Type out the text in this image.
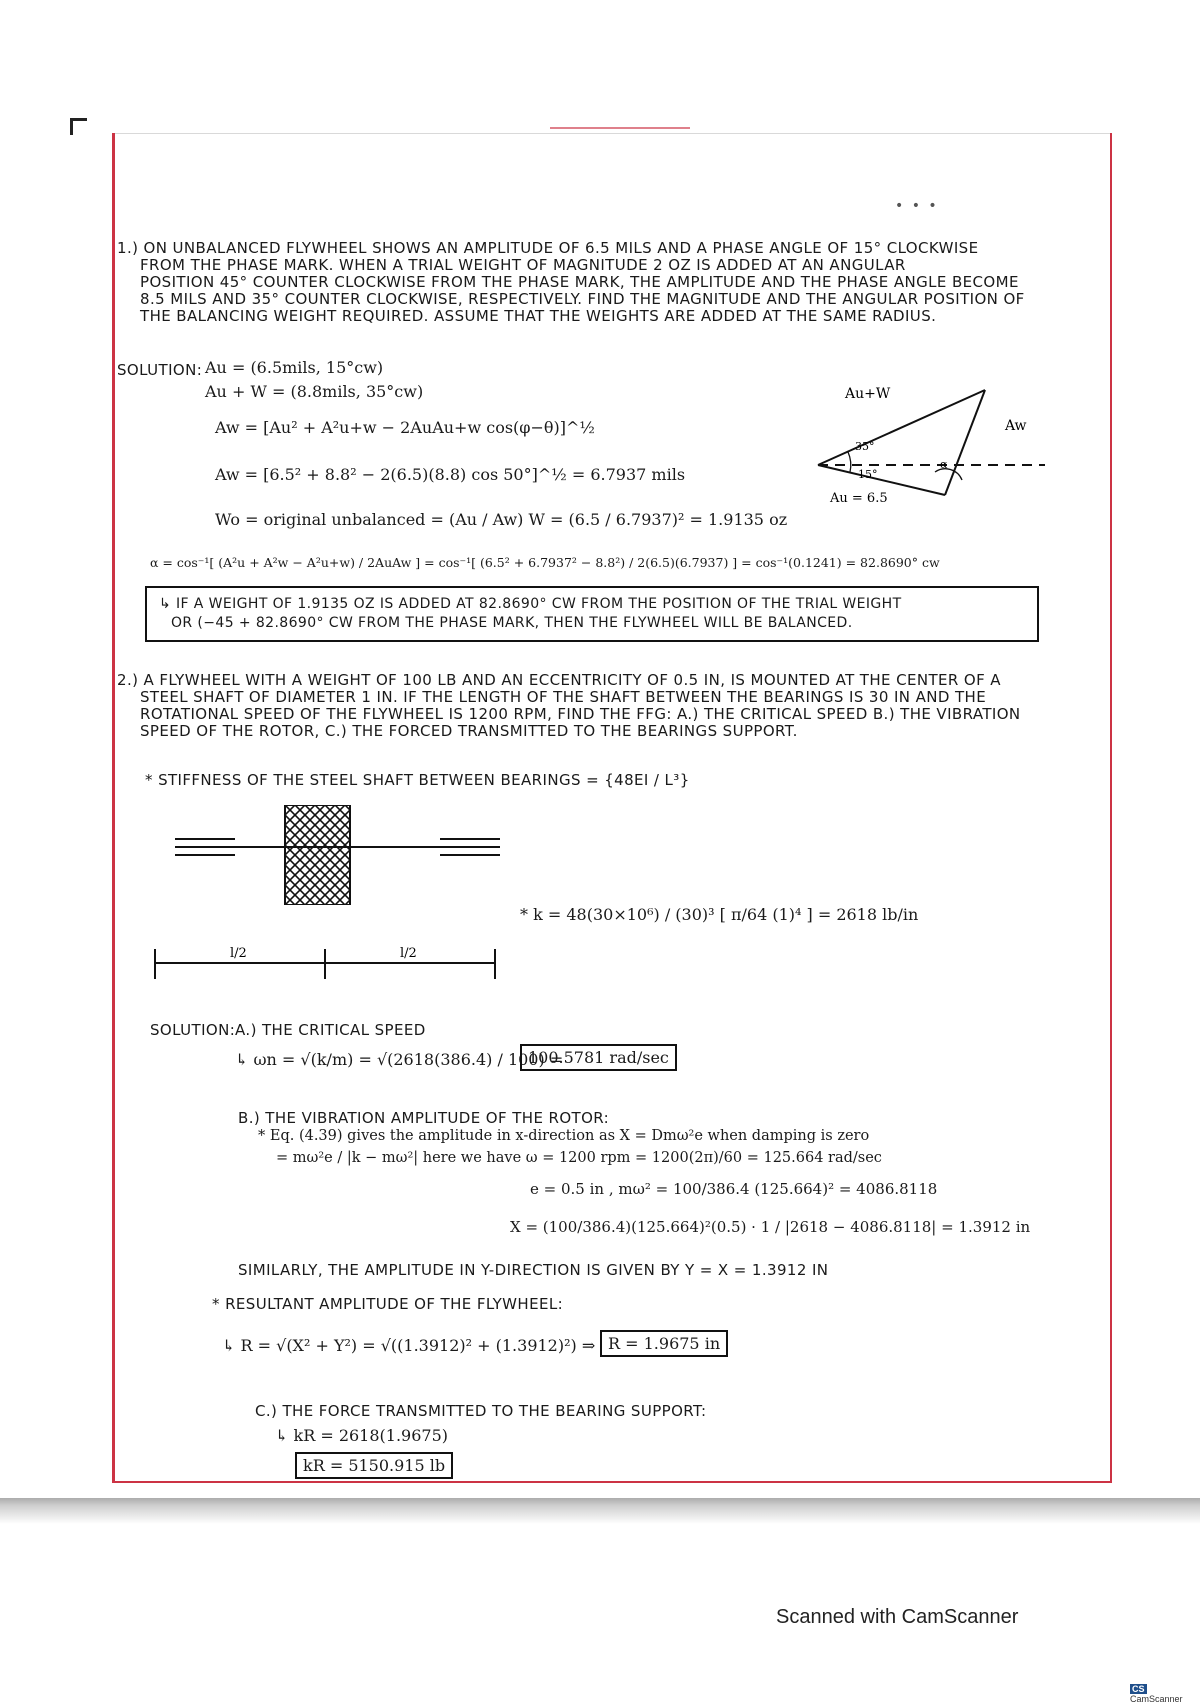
• • •
1.) ON UNBALANCED FLYWHEEL SHOWS AN AMPLITUDE OF 6.5 MILS AND A PHASE ANGLE OF 15° CLOCKWISE
FROM THE PHASE MARK. WHEN A TRIAL WEIGHT OF MAGNITUDE 2 OZ IS ADDED AT AN ANGULAR
POSITION 45° COUNTER CLOCKWISE FROM THE PHASE MARK, THE AMPLITUDE AND THE PHASE ANGLE BECOME
8.5 MILS AND 35° COUNTER CLOCKWISE, RESPECTIVELY. FIND THE MAGNITUDE AND THE ANGULAR POSITION OF
THE BALANCING WEIGHT REQUIRED. ASSUME THAT THE WEIGHTS ARE ADDED AT THE SAME RADIUS.
SOLUTION: Au = (6.5mils, 15°cw)
Au + W = (8.8mils, 35°cw)
Aw = [Au² + A²u+w − 2AuAu+w cos(φ−θ)]^½
Aw = [6.5² + 8.8² − 2(6.5)(8.8) cos 50°]^½ = 6.7937 mils
Wo = original unbalanced = (Au / Aw) W = (6.5 / 6.7937)² = 1.9135 oz
α = cos⁻¹[ (A²u + A²w − A²u+w) / 2AuAw ] = cos⁻¹[ (6.5² + 6.7937² − 8.8²) / 2(6.5)(6.7937) ] = cos⁻¹(0.1241) = 82.8690° cw
Au+W
Aw
Au = 6.5
35°
15°
α
↳ IF A WEIGHT OF 1.9135 OZ IS ADDED AT 82.8690° CW FROM THE POSITION OF THE TRIAL WEIGHT
OR (−45 + 82.8690° CW FROM THE PHASE MARK, THEN THE FLYWHEEL WILL BE BALANCED.
2.) A FLYWHEEL WITH A WEIGHT OF 100 LB AND AN ECCENTRICITY OF 0.5 IN, IS MOUNTED AT THE CENTER OF A
STEEL SHAFT OF DIAMETER 1 IN. IF THE LENGTH OF THE SHAFT BETWEEN THE BEARINGS IS 30 IN AND THE
ROTATIONAL SPEED OF THE FLYWHEEL IS 1200 RPM, FIND THE FFG: A.) THE CRITICAL SPEED B.) THE VIBRATION
SPEED OF THE ROTOR, C.) THE FORCED TRANSMITTED TO THE BEARINGS SUPPORT.
* STIFFNESS OF THE STEEL SHAFT BETWEEN BEARINGS = {48EI / L³}
* k = 48(30×10⁶) / (30)³ [ π/64 (1)⁴ ] = 2618 lb/in
l/2	l/2
SOLUTION: A.) THE CRITICAL SPEED
↳ ωn = √(k/m) = √(2618(386.4) / 100) =
100.5781 rad/sec
B.) THE VIBRATION AMPLITUDE OF THE ROTOR:
* Eq. (4.39) gives the amplitude in x-direction as X = Dmω²e when damping is zero
= mω²e / |k − mω²| here we have ω = 1200 rpm = 1200(2π)/60 = 125.664 rad/sec
e = 0.5 in , mω² = 100/386.4 (125.664)² = 4086.8118
X = (100/386.4)(125.664)²(0.5) · 1 / |2618 − 4086.8118| = 1.3912 in
SIMILARLY, THE AMPLITUDE IN Y-DIRECTION IS GIVEN BY Y = X = 1.3912 IN
* RESULTANT AMPLITUDE OF THE FLYWHEEL:
↳ R = √(X² + Y²) = √((1.3912)² + (1.3912)²) ⇒ R = 1.9675 in
C.) THE FORCE TRANSMITTED TO THE BEARING SUPPORT:
↳ kR = 2618(1.9675)
kR = 5150.915 lb
Scanned with CamScanner
CSCamScanner
